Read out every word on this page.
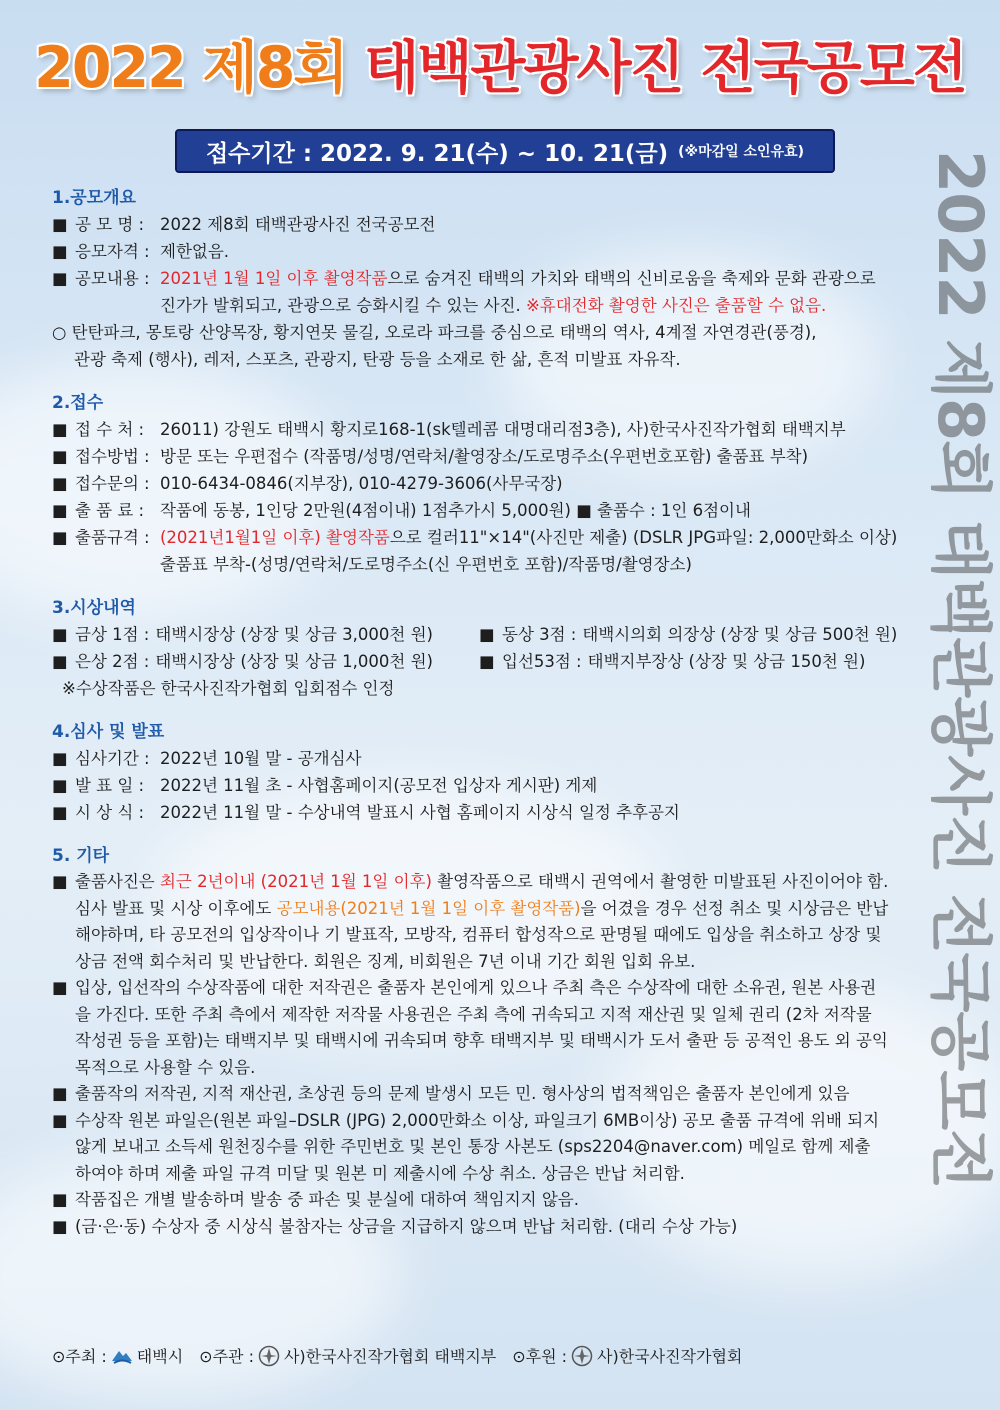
2022 제8회 태백관광사진 전국공모전
2022 제8회 태백관광사진 전국공모전
접수기간 : 2022. 9. 21(수) ~ 10. 21(금) (※마감일 소인유효)
1.공모개요
■ 공 모 명 : 2022 제8회 태백관광사진 전국공모전
■ 응모자격 : 제한없음.
■ 공모내용 : 2021년 1월 1일 이후 촬영작품으로 숨겨진 태백의 가치와 태백의 신비로움을 축제와 문화 관광으로
진가가 발휘되고, 관광으로 승화시킬 수 있는 사진. ※휴대전화 촬영한 사진은 출품할 수 없음.
○ 탄탄파크, 몽토랑 산양목장, 황지연못 물길, 오로라 파크를 중심으로 태백의 역사, 4계절 자연경관(풍경),
관광 축제 (행사), 레저, 스포츠, 관광지, 탄광 등을 소재로 한 삶, 흔적 미발표 자유작.
2.접수
■ 접 수 처 : 26011) 강원도 태백시 황지로168-1(sk텔레콤 대명대리점3층), 사)한국사진작가협회 태백지부
■ 접수방법 : 방문 또는 우편접수 (작품명/성명/연락처/촬영장소/도로명주소(우편번호포함) 출품표 부착)
■ 접수문의 : 010-6434-0846(지부장), 010-4279-3606(사무국장)
■ 출 품 료 : 작품에 동봉, 1인당 2만원(4점이내) 1점추가시 5,000원) ■ 출품수 : 1인 6점이내
■ 출품규격 : (2021년1월1일 이후) 촬영작품으로 컬러11"×14"(사진만 제출) (DSLR JPG파일: 2,000만화소 이상)
출품표 부착-(성명/연락처/도로명주소(신 우편번호 포함)/작품명/촬영장소)
3.시상내역
■ 금상 1점 : 태백시장상 (상장 및 상금 3,000천 원)	■ 동상 3점 : 태백시의회 의장상 (상장 및 상금 500천 원)
■ 은상 2점 : 태백시장상 (상장 및 상금 1,000천 원)	■ 입선53점 : 태백지부장상 (상장 및 상금 150천 원)
※수상작품은 한국사진작가협회 입회점수 인정
4.심사 및 발표
■ 심사기간 : 2022년 10월 말 - 공개심사
■ 발 표 일 : 2022년 11월 초 - 사협홈페이지(공모전 입상자 게시판) 게제
■ 시 상 식 : 2022년 11월 말 - 수상내역 발표시 사협 홈페이지 시상식 일정 추후공지
5. 기타
■ 출품사진은 최근 2년이내 (2021년 1월 1일 이후) 촬영작품으로 태백시 권역에서 촬영한 미발표된 사진이어야 함.
심사 발표 및 시상 이후에도 공모내용(2021년 1월 1일 이후 촬영작품)을 어겼을 경우 선정 취소 및 시상금은 반납
해야하며, 타 공모전의 입상작이나 기 발표작, 모방작, 컴퓨터 합성작으로 판명될 때에도 입상을 취소하고 상장 및
상금 전액 회수처리 및 반납한다. 회원은 징계, 비회원은 7년 이내 기간 회원 입회 유보.
■ 입상, 입선작의 수상작품에 대한 저작권은 출품자 본인에게 있으나 주최 측은 수상작에 대한 소유권, 원본 사용권
을 가진다. 또한 주최 측에서 제작한 저작물 사용권은 주최 측에 귀속되고 지적 재산권 및 일체 권리 (2차 저작물
작성권 등을 포함)는 태백지부 및 태백시에 귀속되며 향후 태백지부 및 태백시가 도서 출판 등 공적인 용도 외 공익
목적으로 사용할 수 있음.
■ 출품작의 저작권, 지적 재산권, 초상권 등의 문제 발생시 모든 민. 형사상의 법적책임은 출품자 본인에게 있음
■ 수상작 원본 파일은(원본 파일–DSLR (JPG) 2,000만화소 이상, 파일크기 6MB이상) 공모 출품 규격에 위배 되지
않게 보내고 소득세 원천징수를 위한 주민번호 및 본인 통장 사본도 (sps2204@naver.com) 메일로 함께 제출
하여야 하며 제출 파일 규격 미달 및 원본 미 제출시에 수상 취소. 상금은 반납 처리함.
■ 작품집은 개별 발송하며 발송 중 파손 및 분실에 대하여 책임지지 않음.
■ (금·은·동) 수상자 중 시상식 불참자는 상금을 지급하지 않으며 반납 처리함. (대리 수상 가능)
⊙주최 : 태백시 ⊙주관 : 사)한국사진작가협회 태백지부 ⊙후원 : 사)한국사진작가협회
